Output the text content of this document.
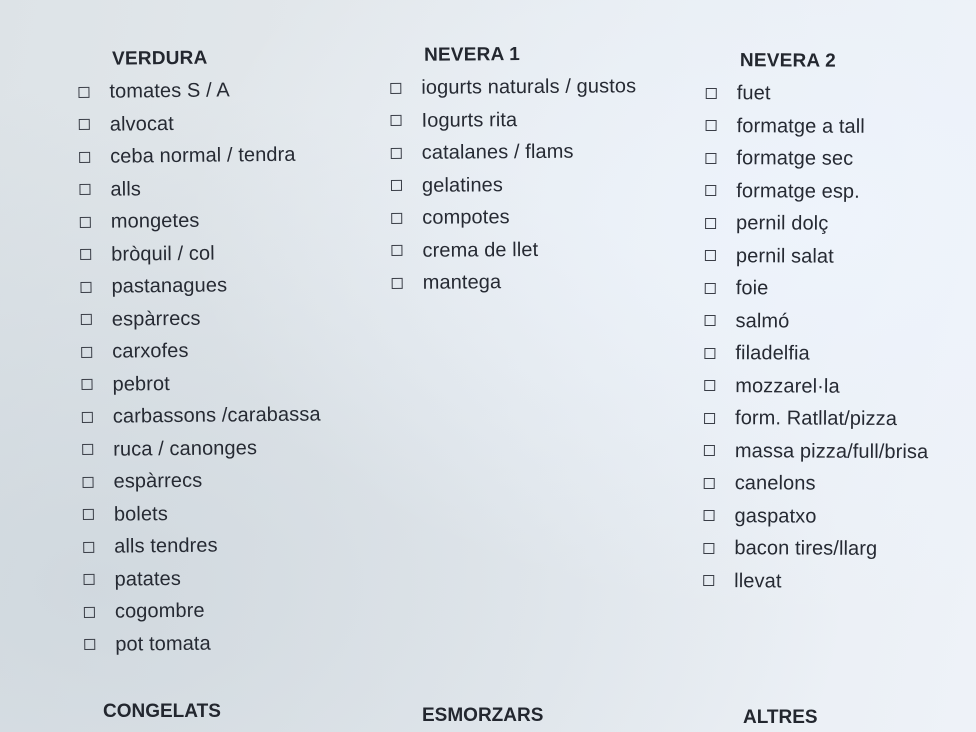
VERDURA
tomates S / A
alvocat
ceba normal / tendra
alls
mongetes
bròquil / col
pastanagues
espàrrecs
carxofes
pebrot
carbassons /carabassa
ruca / canonges
espàrrecs
bolets
alls tendres
patates
cogombre
pot tomata
NEVERA 1
iogurts naturals / gustos
Iogurts rita
catalanes / flams
gelatines
compotes
crema de llet
mantega
NEVERA 2
fuet
formatge a tall
formatge sec
formatge esp.
pernil dolç
pernil salat
foie
salmó
filadelfia
mozzarel·la
form. Ratllat/pizza
massa pizza/full/brisa
canelons
gaspatxo
bacon tires/llarg
llevat
CONGELATS	ESMORZARS	ALTRES
